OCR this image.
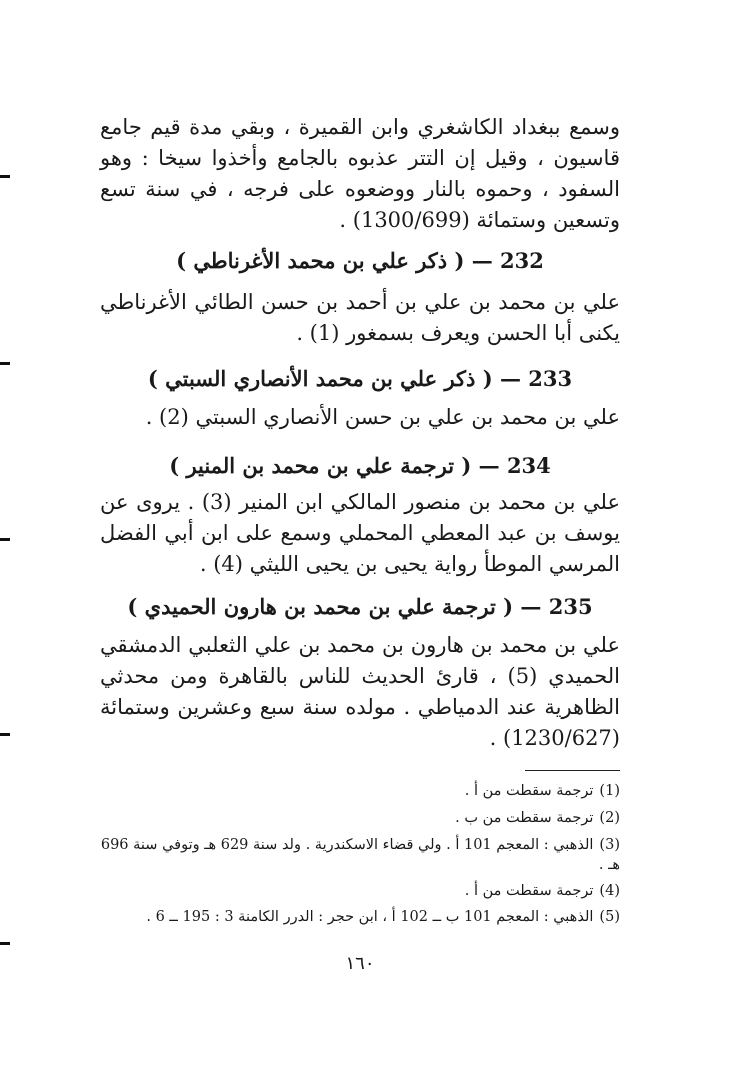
وسمع ببغداد الكاشغري وابن القميرة ، وبقي مدة قيم جامع قاسيون ، وقيل إن التتر عذبوه بالجامع وأخذوا سيخا : وهو السفود ، وحموه بالنار ووضعوه على فرجه ، في سنة تسع وتسعين وستمائة (1300/699) .
232 — ( ذكر علي بن محمد الأغرناطي )
علي بن محمد بن علي بن أحمد بن حسن الطائي الأغرناطي يكنى أبا الحسن ويعرف بسمغور (1) .
233 — ( ذكر علي بن محمد الأنصاري السبتي )
علي بن محمد بن علي بن حسن الأنصاري السبتي (2) .
234 — ( ترجمة علي بن محمد بن المنير )
علي بن محمد بن منصور المالكي ابن المنير (3) . يروى عن يوسف بن عبد المعطي المحملي وسمع على ابن أبي الفضل المرسي الموطأ رواية يحيى بن يحيى الليثي (4) .
235 — ( ترجمة علي بن محمد بن هارون الحميدي )
علي بن محمد بن هارون بن محمد بن علي الثعلبي الدمشقي الحميدي (5) ، قارئ الحديث للناس بالقاهرة ومن محدثي الظاهرية عند الدمياطي . مولده سنة سبع وعشرين وستمائة (1230/627) .
(1) ترجمة سقطت من أ .
(2) ترجمة سقطت من ب .
(3) الذهبي : المعجم 101 أ . ولي قضاء الاسكندرية . ولد سنة 629 هـ وتوفي سنة 696 هـ .
(4) ترجمة سقطت من أ .
(5) الذهبي : المعجم 101 ب ــ 102 أ ، ابن حجر : الدرر الكامنة 3 : 195 ــ 6 .
١٦٠
